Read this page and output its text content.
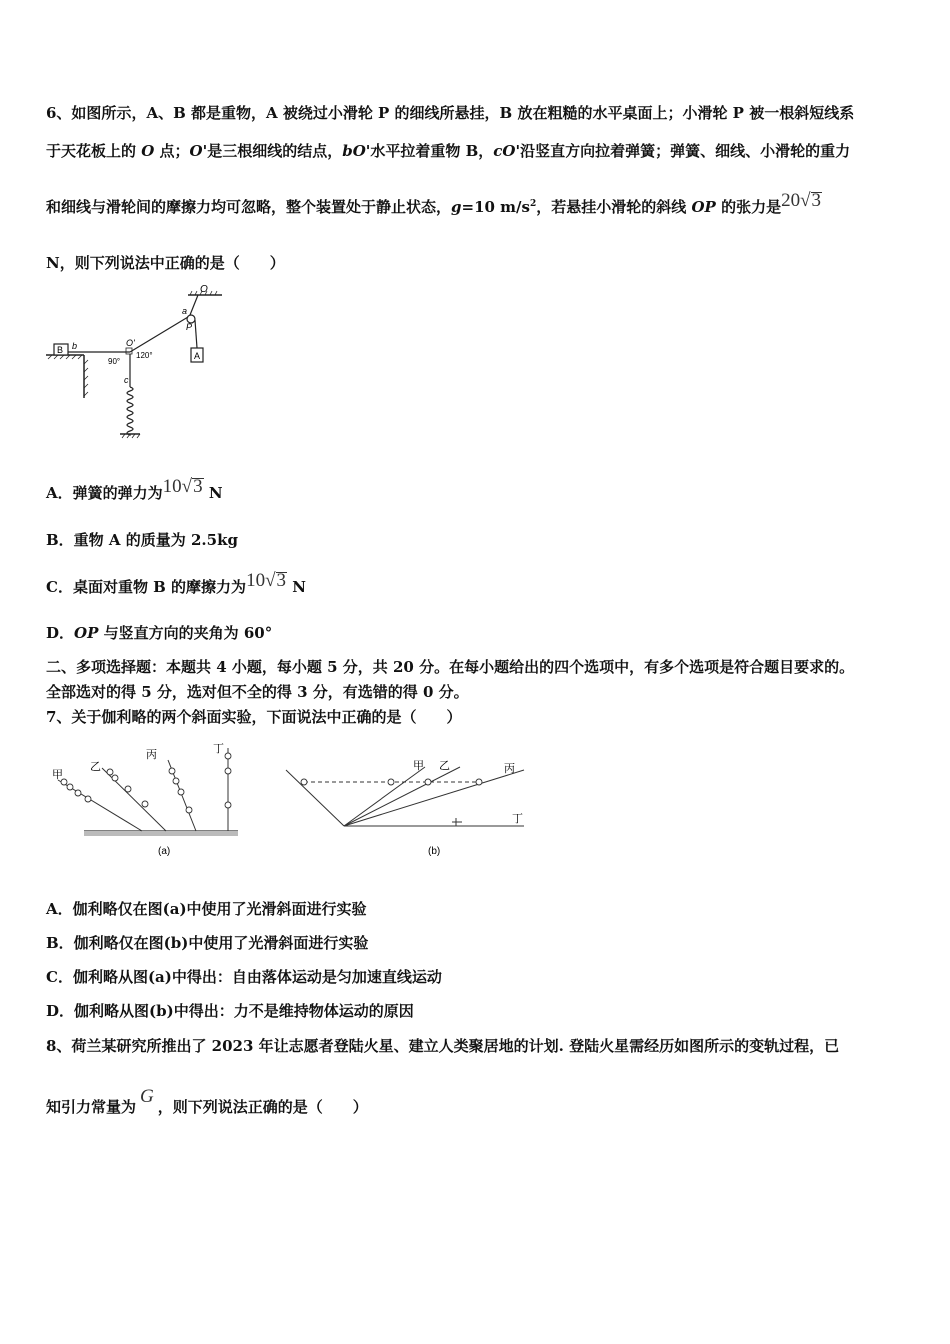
6、如图所示，A、B 都是重物，A 被绕过小滑轮 P 的细线所悬挂，B 放在粗糙的水平桌面上；小滑轮 P 被一根斜短线系
于天花板上的 O 点；O'是三根细线的结点，bO'水平拉着重物 B，cO'沿竖直方向拉着弹簧；弹簧、细线、小滑轮的重力
和细线与滑轮间的摩擦力均可忽略，整个装置处于静止状态，g=10 $m/s^2$，若悬挂小滑轮的斜线 OP 的张力是20√3
N，则下列说法中正确的是（　　）
O
a
P
A
B b	O'
90°
120°
c
A．弹簧的弹力为10√3 N
B．重物 A 的质量为 2.5kg
C．桌面对重物 B 的摩擦力为10√3 N
D．OP 与竖直方向的夹角为 60°
二、多项选择题：本题共 4 小题，每小题 5 分，共 20 分。在每小题给出的四个选项中，有多个选项是符合题目要求的。
全部选对的得 5 分，选对但不全的得 3 分，有选错的得 0 分。
7、关于伽利略的两个斜面实验，下面说法中正确的是（　　）
甲
乙
丙	丁
(a)
甲 乙	丙
丁
(b)
A．伽利略仅在图(a)中使用了光滑斜面进行实验
B．伽利略仅在图(b)中使用了光滑斜面进行实验
C．伽利略从图(a)中得出：自由落体运动是匀加速直线运动
D．伽利略从图(b)中得出：力不是维持物体运动的原因
8、荷兰某研究所推出了 2023 年让志愿者登陆火星、建立人类聚居地的计划. 登陆火星需经历如图所示的变轨过程，已
知引力常量为 G ，则下列说法正确的是（　　）
